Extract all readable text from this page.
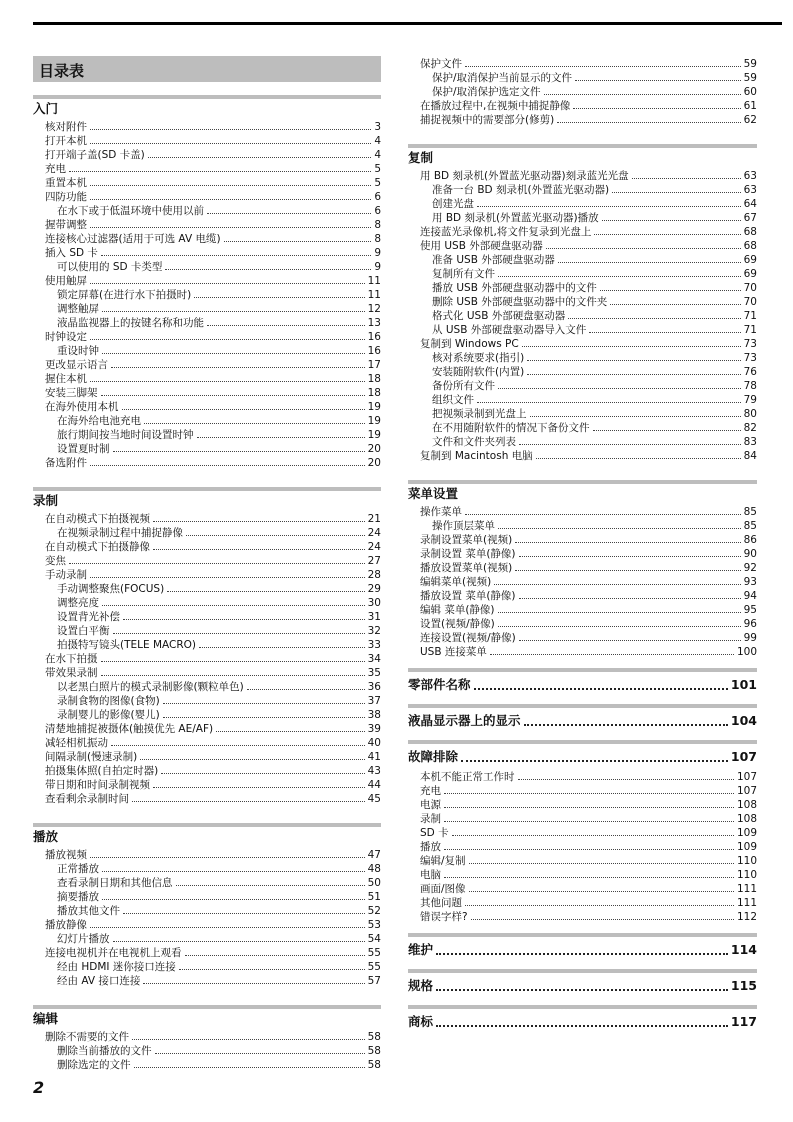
目录表
入门
核对附件	3
打开本机	4
打开端子盖(SD 卡盖)	4
充电	5
重置本机	5
四防功能	6
在水下或于低温环境中使用以前	6
握带调整	8
连接核心过滤器(适用于可选 AV 电缆)	8
插入 SD 卡	9
可以使用的 SD 卡类型	9
使用触屏	11
锁定屏幕(在进行水下拍摄时)	11
调整触屏	12
液晶监视器上的按键名称和功能	13
时钟设定	16
重设时钟	16
更改显示语言	17
握住本机	18
安装三脚架	18
在海外使用本机	19
在海外给电池充电	19
旅行期间按当地时间设置时钟	19
设置夏时制	20
备选附件	20
录制
在自动模式下拍摄视频	21
在视频录制过程中捕捉静像	24
在自动模式下拍摄静像	24
变焦	27
手动录制	28
手动调整聚焦(FOCUS)	29
调整亮度	30
设置背光补偿	31
设置白平衡	32
拍摄特写镜头(TELE MACRO)	33
在水下拍摄	34
带效果录制	35
以老黑白照片的模式录制影像(颗粒单色)	36
录制食物的图像(食物)	37
录制婴儿的影像(婴儿)	38
清楚地捕捉被摄体(触摸优先 AE/AF)	39
减轻相机振动	40
间隔录制(慢速录制)	41
拍摄集体照(自拍定时器)	43
带日期和时间录制视频	44
查看剩余录制时间	45
播放
播放视频	47
正常播放	48
查看录制日期和其他信息	50
摘要播放	51
播放其他文件	52
播放静像	53
幻灯片播放	54
连接电视机并在电视机上观看	55
经由 HDMI 迷你接口连接	55
经由 AV 接口连接	57
编辑
删除不需要的文件	58
删除当前播放的文件	58
删除选定的文件	58
保护文件	59
保护/取消保护当前显示的文件	59
保护/取消保护选定文件	60
在播放过程中,在视频中捕捉静像	61
捕捉视频中的需要部分(修剪)	62
复制
用 BD 刻录机(外置蓝光驱动器)刻录蓝光光盘	63
准备一台 BD 刻录机(外置蓝光驱动器)	63
创建光盘	64
用 BD 刻录机(外置蓝光驱动器)播放	67
连接蓝光录像机,将文件复录到光盘上	68
使用 USB 外部硬盘驱动器	68
准备 USB 外部硬盘驱动器	69
复制所有文件	69
播放 USB 外部硬盘驱动器中的文件	70
删除 USB 外部硬盘驱动器中的文件夹	70
格式化 USB 外部硬盘驱动器	71
从 USB 外部硬盘驱动器导入文件	71
复制到 Windows PC	73
核对系统要求(指引)	73
安装随附软件(内置)	76
备份所有文件	78
组织文件	79
把视频录制到光盘上	80
在不用随附软件的情况下备份文件	82
文件和文件夹列表	83
复制到 Macintosh 电脑	84
菜单设置
操作菜单	85
操作顶层菜单	85
录制设置菜单(视频)	86
录制设置 菜单(静像)	90
播放设置菜单(视频)	92
编辑菜单(视频)	93
播放设置 菜单(静像)	94
编辑 菜单(静像)	95
设置(视频/静像)	96
连接设置(视频/静像)	99
USB 连接菜单	100
零部件名称	101
液晶显示器上的显示	104
故障排除	107
本机不能正常工作时	107
充电	107
电源	108
录制	108
SD 卡	109
播放	109
编辑/复制	110
电脑	110
画面/图像	111
其他问题	111
错误字样?	112
维护	114
规格	115
商标	117
2
